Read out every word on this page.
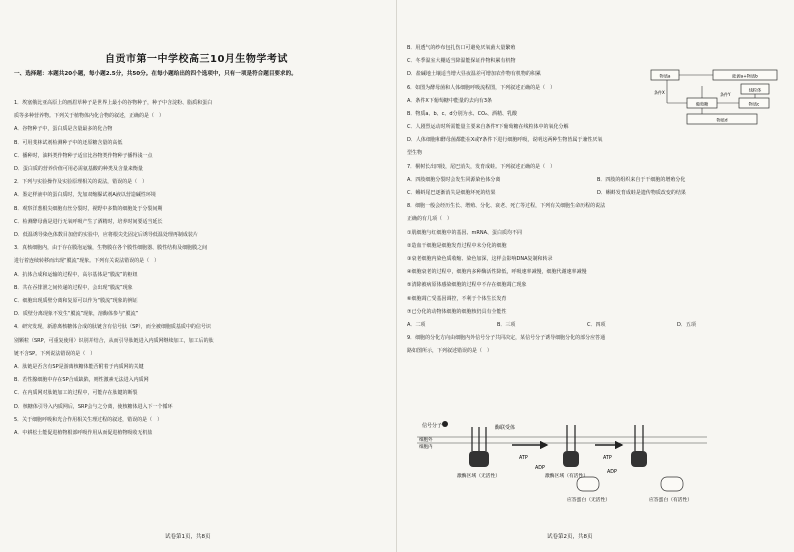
自贡市第一中学校高三10月生物学考试
一、选择题：本题共20小题，每小题2.5分，共50分。在每小题给出的四个选项中，只有一项是符合题目要求的。

1．埃塞俄比亚高原上的画眉草种子是世界上最小的谷物种子，种子中含淀粉、脂质和蛋白

质等多种营养物。下列关于植物体内化合物的叙述，正确的是（　）

A．谷物种子中，蛋白质是含量最多的化合物

B．可用斐林试剂检测种子中的还原糖含量的高低

C．播种时，油料类作物种子适宜比谷物类作物种子播得浅一点

D．蛋白质的营养价值可用必需氨基酸的种类及含量来衡量

2．下列与实验操作及实验原理相关的说法，错误的是（　）

A．鉴定样液中的蛋白质时，先加双缩脲试剂A液以营造碱性环境

B．观察洋葱根尖细胞有丝分裂时，视野中多数的细胞处于分裂间期

C．检测酵母菌是进行无氧呼吸产生了酒精时，培养时间要适当延长

D．低温诱导染色体数目加倍的实验中，应将根尖先固定后诱导低温处理再制成装片

3．真核细胞内，由于存在膜泡运输，生物膜在各个膜性细胞器、膜性结构及细胞膜之间

进行着连续转移而出现“膜流”现象。下列有关说法错误的是（　）

A．抗体合成和运输的过程中，高尔基体是“膜流”的枢纽

B．共在吞排泄之间传递的过程中，会出现“膜流”现象

C．细胞出现质壁分离和复原可以作为“膜流”现象的例证

D．质壁分离现象不发生“膜流”现象，溶酶体参与“膜流”

4．研究发现，新游离核糖体合成的肽链含有信号肽（SP），而全被细胞质基质中的信号识

别颗粒（SRP，可重复使用）识别并结合，从而引导肽链进入内质网继续加工，加工后的肽

链不含SP。下列说法错误的是（　）

A．肽链是否含有SP是游离核糖体能否附着于内质网的关键

B．若性腺细胞中存在SP合成缺陷，则性激素无法进入内质网

C．在内质网对肽链加工的过程中，可能存在肽键的断裂

D．核糖体引导入内质网后，SRP会与之分离，使核糖体进入下一个循环

5．关于细胞呼吸和光合作用相关生理过程的叙述，错误的是（　）

A．中耕松土能促进植物根部呼吸作用从而促进植物吸收无机盐

试卷第1页，共8页

B．用透气的纱布包扎伤口可避免厌氧菌大量繁殖

C．冬季温室大棚适当降温能保证作物积累有机物

D．盐碱地土壤适当增大昼夜温差可增加农作物有机物的积累

6．如图为酵母菌和人体细胞呼吸流程图，下列叙述正确的是（　）

A．条件X下葡萄糖中能量的去向有3条

B．物质a、b、c、d分别为水、CO₂、酒精、乳酸

物质a	能源a+物质b
线粒体
葡萄糖	物质c
物质d
条件X	条件Y

C．人剧烈运动时所需能量主要来自条件Y下葡萄糖在线粒体中的氧化分解

D．人体细胞和酵母菌都能在X或Y条件下进行细胞呼吸，说明这两种生物皆属于兼性厌氧

型生物

7．桐树长出四肢，尾巴消失，发育成蛙。下列叙述正确的是（　）

A．四肢细胞分裂时会发生同源染色体分离	B．四肢的组织来自于干细胞的增殖分化

C．蝌蚪尾巴逐渐消失是细胞坏死的结果	D．蝌蚪发育成蛙是遗传物质改变的结果

8．细胞一般会经历生长、增殖、分化、衰老、死亡等过程，下列有关细胞生命历程的说法

正确的有几项（　）

①肌细胞与红细胞中的基因、mRNA、蛋白质均不同

②造血干细胞是细胞发育过程中未分化的细胞

③衰老细胞内染色质收缩、染色加深，这样会影响DNA复制和转录

④细胞衰老的过程中，细胞内多种酶活性降低，呼吸速率减慢，细胞代谢速率减慢

⑤清除被病原体感染细胞的过程中不存在细胞凋亡现象

⑥细胞凋亡受基因调控，不利于个体生长发育

⑦已分化的动物体细胞的细胞核仍具有全能性

A．二项	B．三项	C．四项	D．五项

9．细胞的分化方向由细胞内外信号分子共同决定，某信号分子诱导细胞分化的部分应答通

路如图所示，下列叙述错误的是（　）

信号分子
细胞外
细胞内
酶联受体
激酶区域（无活性）	激酶区域（有活性）
ATP
ADP
ATP
ADP
应答蛋白（无活性）	应答蛋白（有活性）
试卷第2页，共8页
